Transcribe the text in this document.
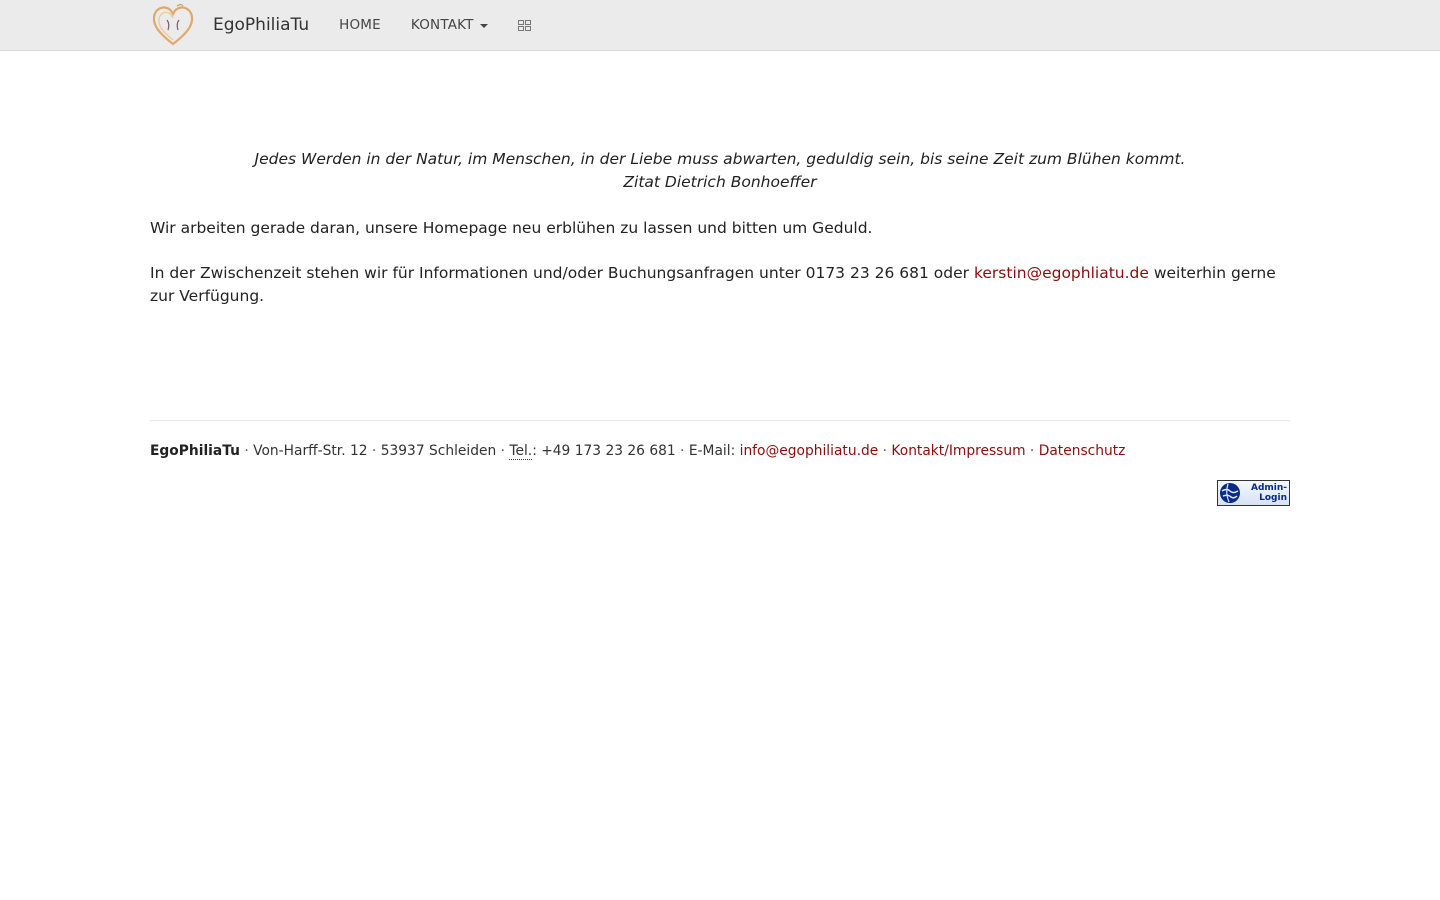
EgoPhiliaTu HOME KONTAKT

Jedes Werden in der Natur, im Menschen, in der Liebe muss abwarten, geduldig sein, bis seine Zeit zum Blühen kommt.

Zitat Dietrich Bonhoeffer

Wir arbeiten gerade daran, unsere Homepage neu erblühen zu lassen und bitten um Geduld.

In der Zwischenzeit stehen wir für Informationen und/oder Buchungsanfragen unter 0173 23 26 681 oder kerstin@egophliatu.de weiterhin gerne zur Verfügung.

EgoPhiliaTu · Von-Harff-Str. 12 · 53937 Schleiden · Tel.: +49 173 23 26 681 · E-Mail: info@egophiliatu.de · Kontakt/Impressum · Datenschutz
Admin-
Login
